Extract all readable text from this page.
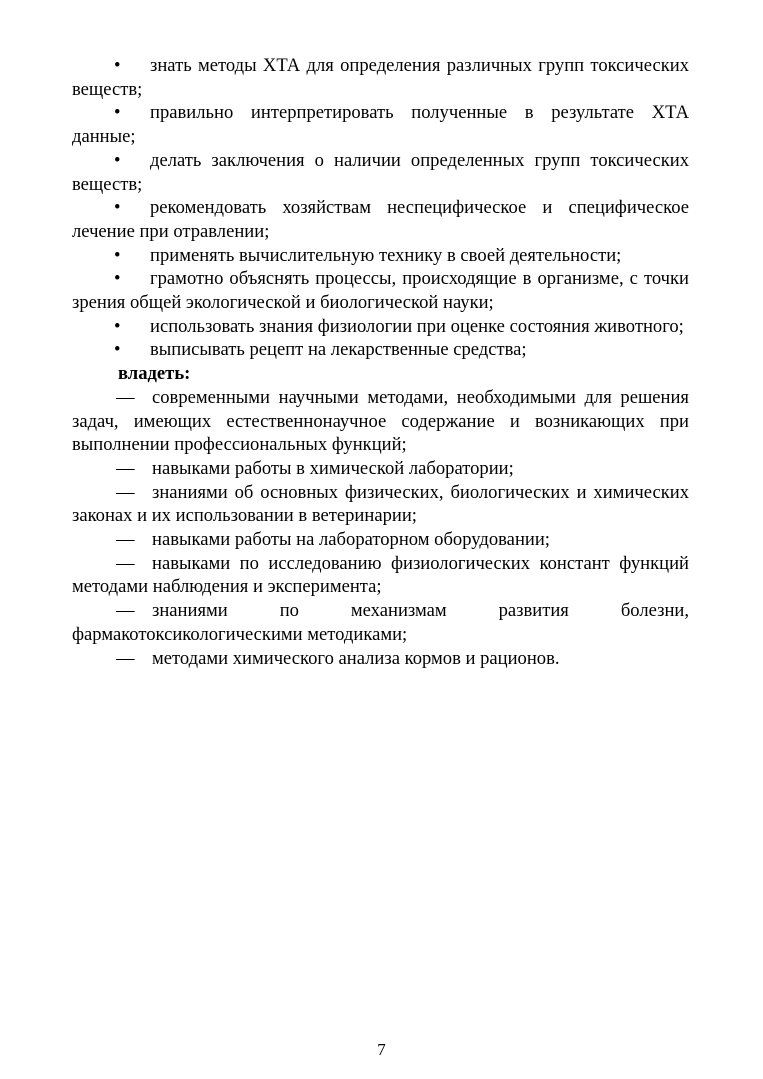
• знать методы ХТА для определения различных групп токсических веществ;

• правильно интерпретировать полученные в результате ХТА данные;

• делать заключения о наличии определенных групп токсических веществ;

• рекомендовать хозяйствам неспецифическое и специфическое лечение при отравлении;

• применять вычислительную технику в своей деятельности;

• грамотно объяснять процессы, происходящие в организме, с точки зрения общей экологической и биологической науки;

• использовать знания физиологии при оценке состояния животного;

• выписывать рецепт на лекарственные средства;

владеть:

— современными научными методами, необходимыми для решения задач, имеющих естественнонаучное содержание и возникающих при выполнении профессиональных функций;

— навыками работы в химической лаборатории;

— знаниями об основных физических, биологических и химических законах и их использовании в ветеринарии;

— навыками работы на лабораторном оборудовании;

— навыками по исследованию физиологических констант функций методами наблюдения и эксперимента;

— знаниями по механизмам развития болезни, фармакотоксикологическими методиками;

— методами химического анализа кормов и рационов.

7
